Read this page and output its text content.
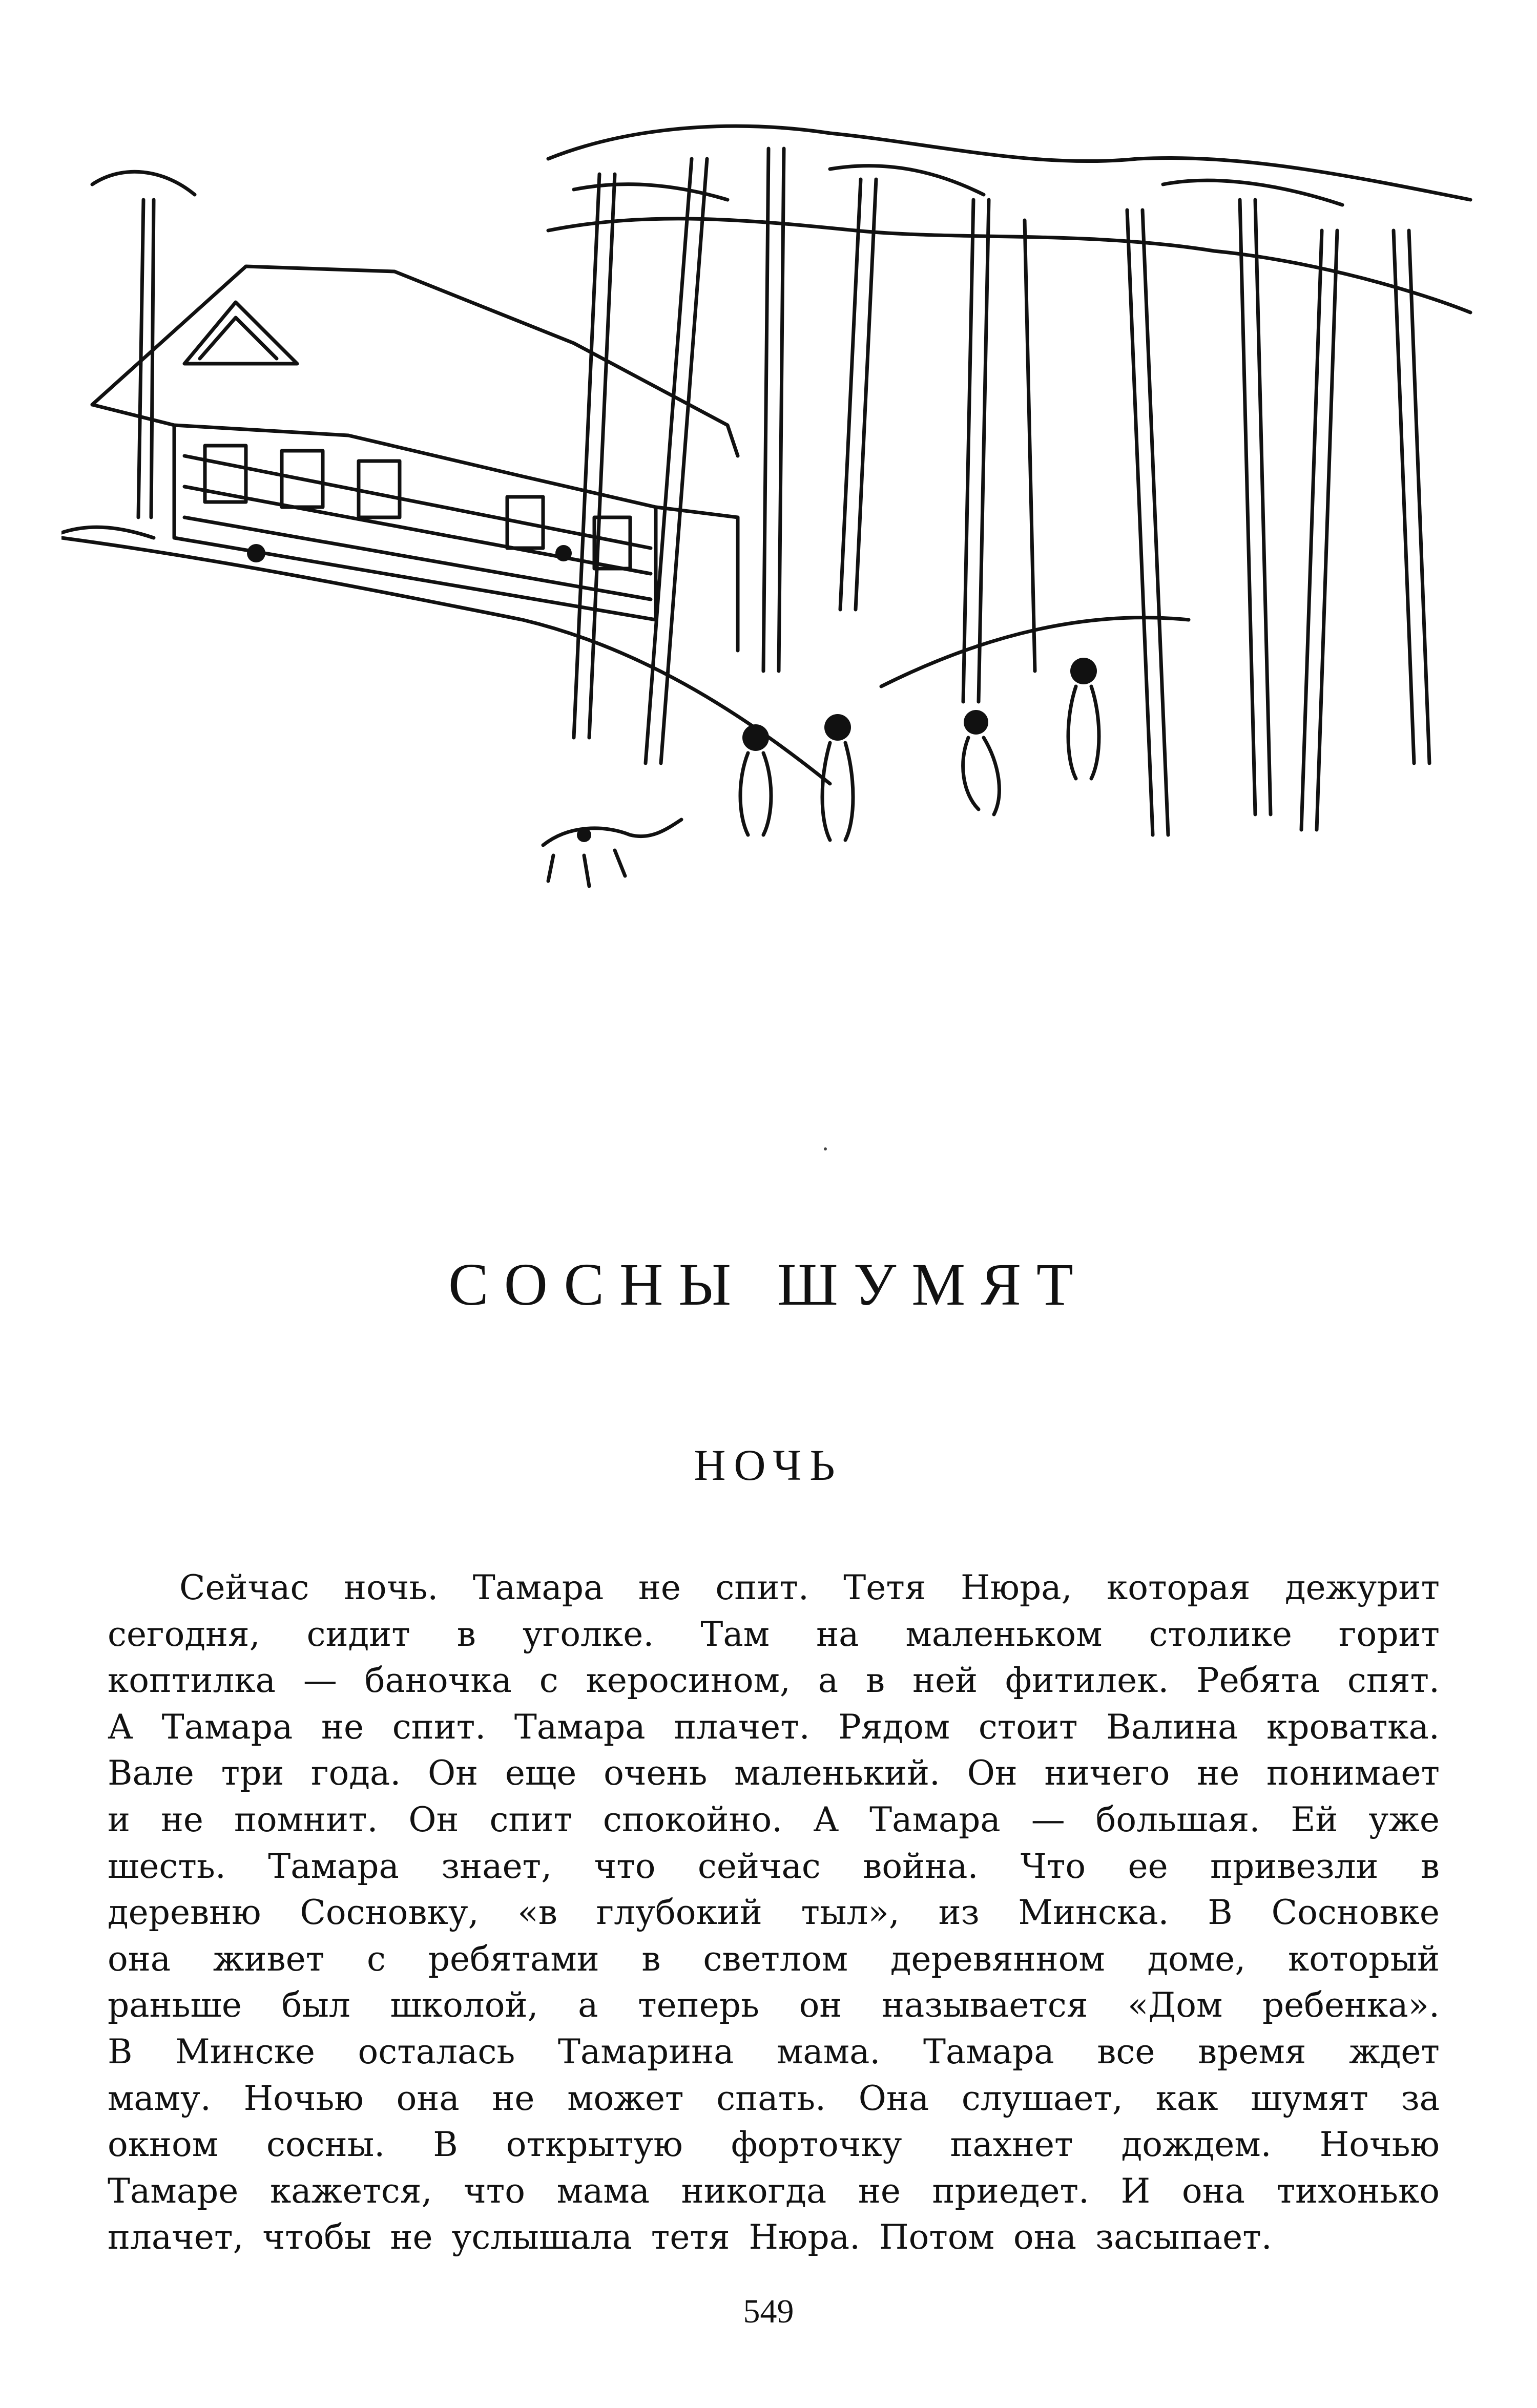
СОСНЫ ШУМЯТ
НОЧЬ
Сейчас ночь. Тамара не спит. Тетя Нюра, которая дежурит
сегодня, сидит в уголке. Там на маленьком столике горит
коптилка — баночка с керосином, а в ней фитилек. Ребята спят.
А Тамара не спит. Тамара плачет. Рядом стоит Валина кроватка.
Вале три года. Он еще очень маленький. Он ничего не понимает
и не помнит. Он спит спокойно. А Тамара — большая. Ей уже
шесть. Тамара знает, что сейчас война. Что ее привезли в
деревню Сосновку, «в глубокий тыл», из Минска. В Сосновке
она живет с ребятами в светлом деревянном доме, который
раньше был школой, а теперь он называется «Дом ребенка».
В Минске осталась Тамарина мама. Тамара все время ждет
маму. Ночью она не может спать. Она слушает, как шумят за
окном сосны. В открытую форточку пахнет дождем. Ночью
Тамаре кажется, что мама никогда не приедет. И она тихонько
плачет, чтобы не услышала тетя Нюра. Потом она засыпает.
549
